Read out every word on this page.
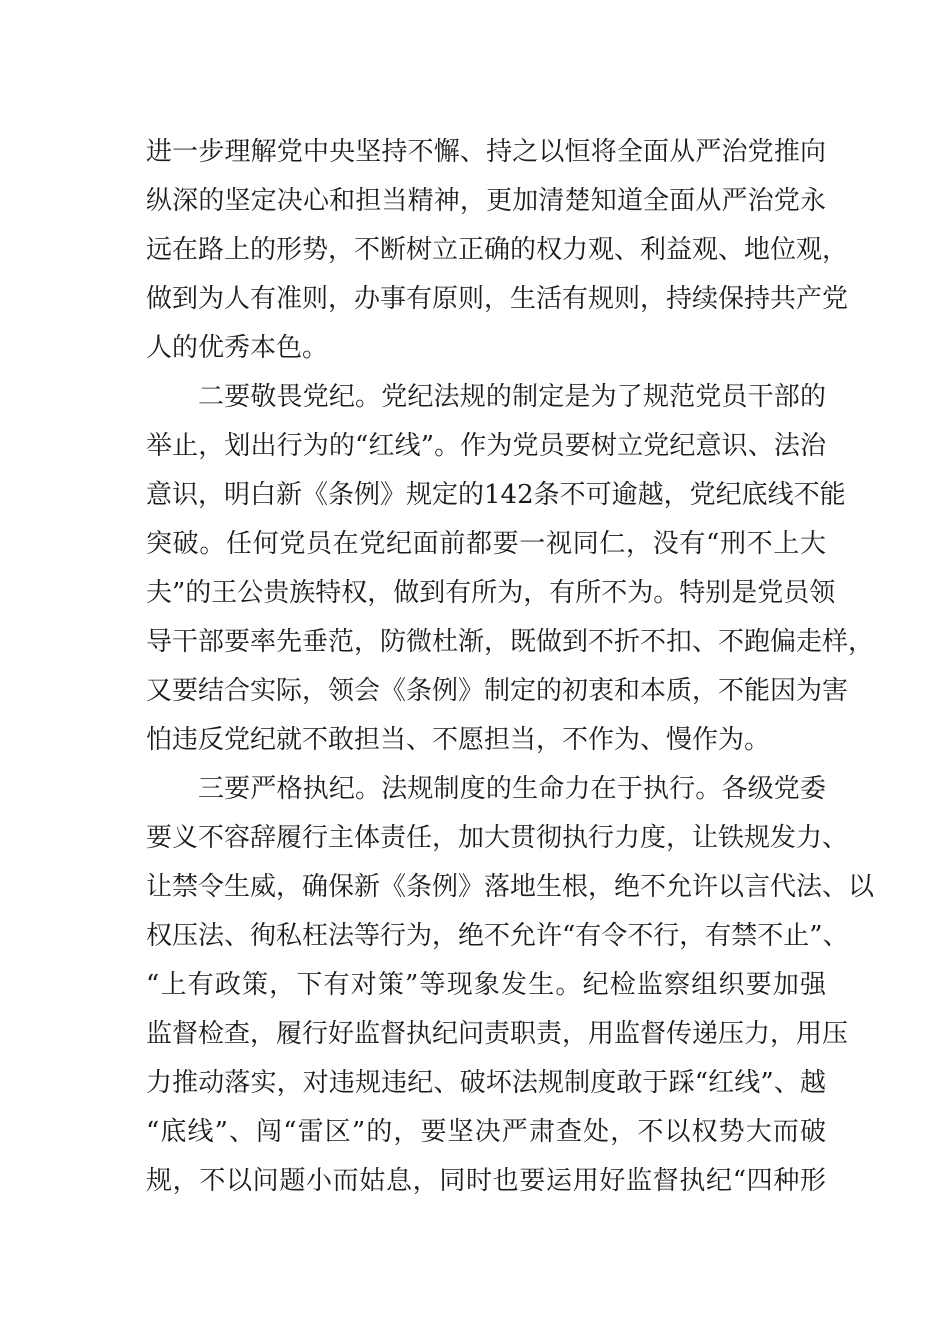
进一步理解党中央坚持不懈、持之以恒将全面从严治党推向
纵深的坚定决心和担当精神，更加清楚知道全面从严治党永
远在路上的形势，不断树立正确的权力观、利益观、地位观，
做到为人有准则，办事有原则，生活有规则，持续保持共产党
人的优秀本色。
二要敬畏党纪。党纪法规的制定是为了规范党员干部的
举止，划出行为的“红线”。作为党员要树立党纪意识、法治
意识，明白新《条例》规定的142条不可逾越，党纪底线不能
突破。任何党员在党纪面前都要一视同仁，没有“刑不上大
夫”的王公贵族特权，做到有所为，有所不为。特别是党员领
导干部要率先垂范，防微杜渐，既做到不折不扣、不跑偏走样，
又要结合实际，领会《条例》制定的初衷和本质，不能因为害
怕违反党纪就不敢担当、不愿担当，不作为、慢作为。
三要严格执纪。法规制度的生命力在于执行。各级党委
要义不容辞履行主体责任，加大贯彻执行力度，让铁规发力、
让禁令生威，确保新《条例》落地生根，绝不允许以言代法、以
权压法、徇私枉法等行为，绝不允许“有令不行，有禁不止”、
“上有政策，下有对策”等现象发生。纪检监察组织要加强
监督检查，履行好监督执纪问责职责，用监督传递压力，用压
力推动落实，对违规违纪、破坏法规制度敢于踩“红线”、越
“底线”、闯“雷区”的，要坚决严肃查处，不以权势大而破
规，不以问题小而姑息，同时也要运用好监督执纪“四种形
